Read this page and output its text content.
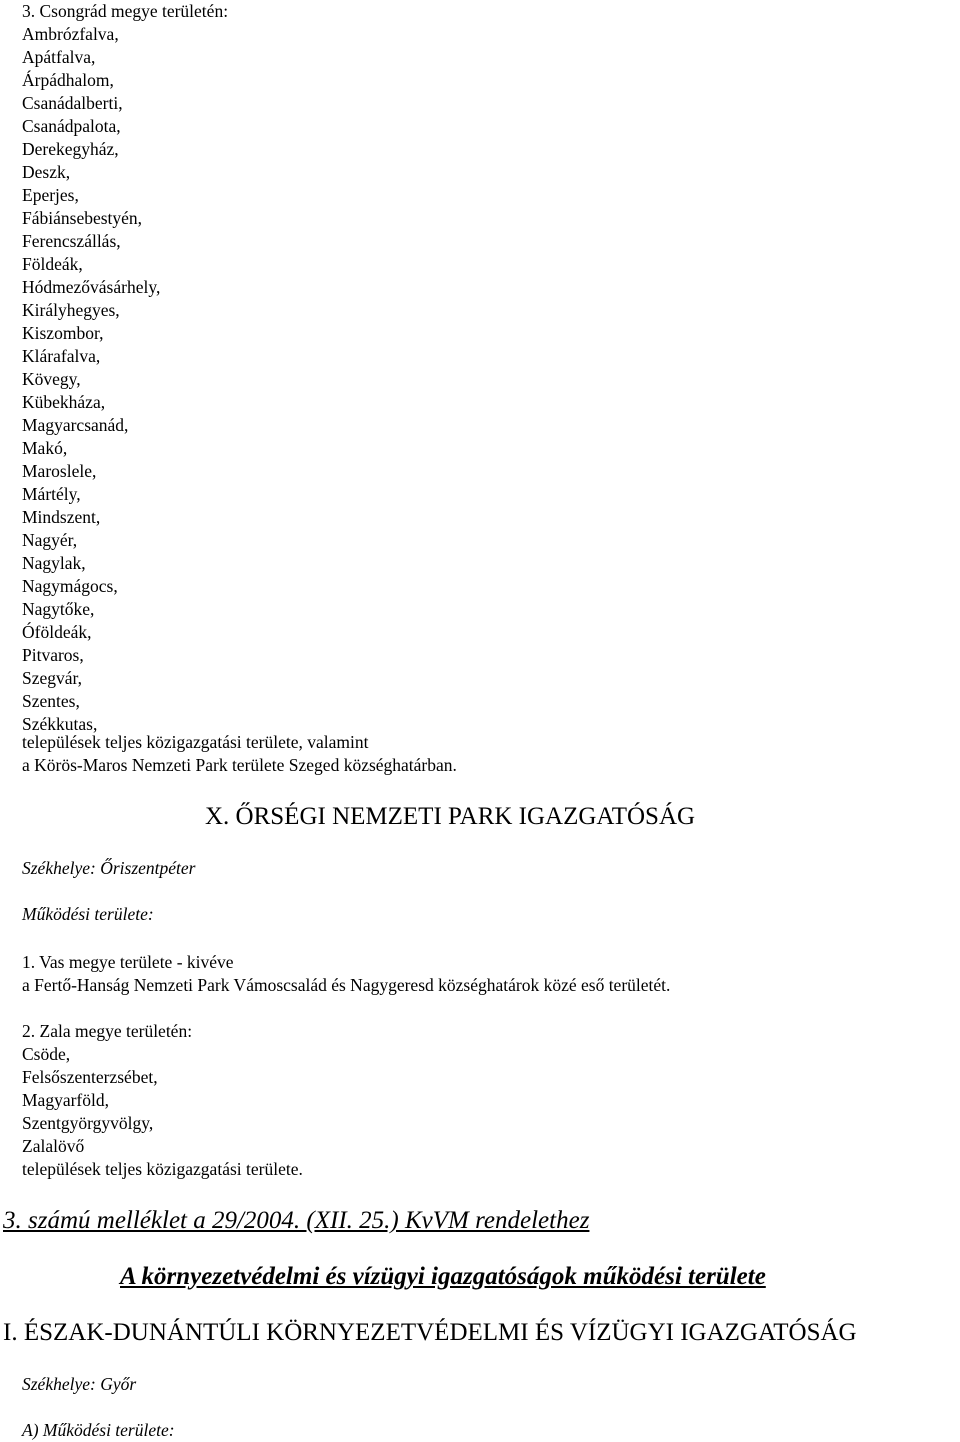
3. Csongrád megye területén:
Ambrózfalva,
Apátfalva,
Árpádhalom,
Csanádalberti,
Csanádpalota,
Derekegyház,
Deszk,
Eperjes,
Fábiánsebestyén,
Ferencszállás,
Földeák,
Hódmezővásárhely,
Királyhegyes,
Kiszombor,
Klárafalva,
Kövegy,
Kübekháza,
Magyarcsanád,
Makó,
Maroslele,
Mártély,
Mindszent,
Nagyér,
Nagylak,
Nagymágocs,
Nagytőke,
Óföldeák,
Pitvaros,
Szegvár,
Szentes,
Székkutas,
települések teljes közigazgatási területe, valamint
a Körös-Maros Nemzeti Park területe Szeged községhatárban.
X. ŐRSÉGI NEMZETI PARK IGAZGATÓSÁG
Székhelye: Őriszentpéter
Működési területe:
1. Vas megye területe - kivéve
a Fertő-Hanság Nemzeti Park Vámoscsalád és Nagygeresd községhatárok közé eső területét.
2. Zala megye területén:
Csöde,
Felsőszenterzsébet,
Magyarföld,
Szentgyörgyvölgy,
Zalalövő
települések teljes közigazgatási területe.
3. számú melléklet a 29/2004. (XII. 25.) KvVM rendelethez
A környezetvédelmi és vízügyi igazgatóságok működési területe
I. ÉSZAK-DUNÁNTÚLI KÖRNYEZETVÉDELMI ÉS VÍZÜGYI IGAZGATÓSÁG
Székhelye: Győr
A) Működési területe:
